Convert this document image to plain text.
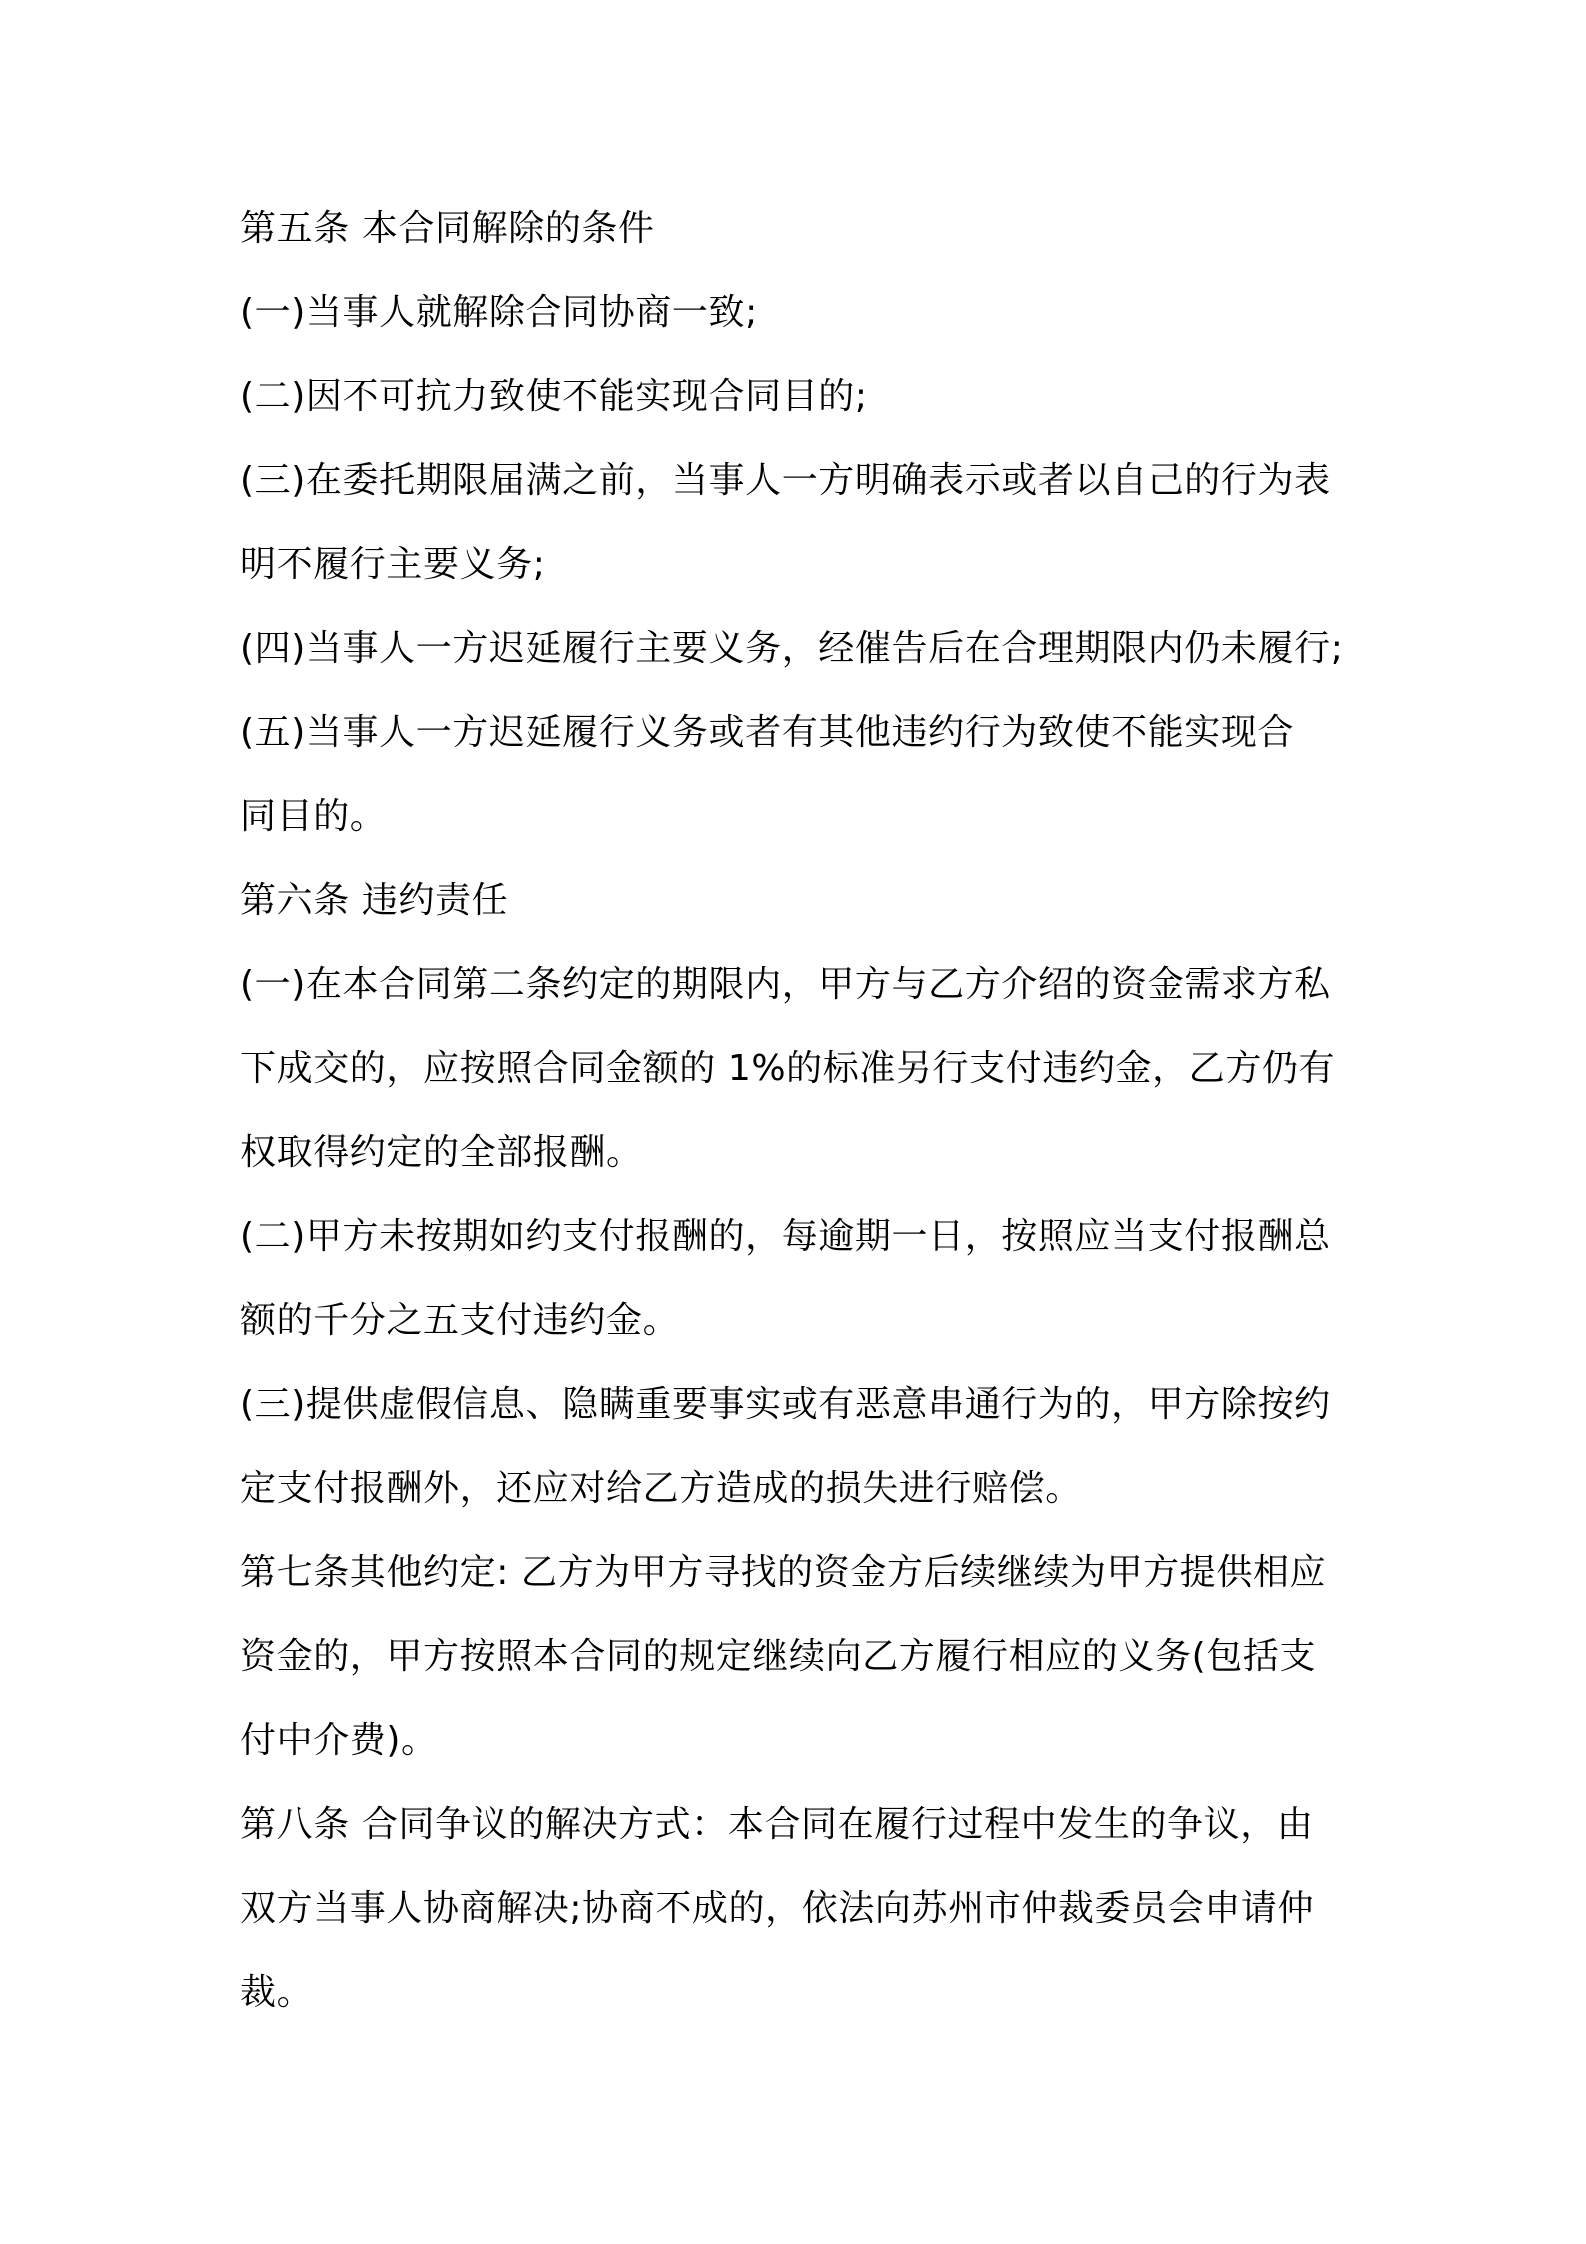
第五条 本合同解除的条件
(一)当事人就解除合同协商一致;
(二)因不可抗力致使不能实现合同目的;
(三)在委托期限届满之前，当事人一方明确表示或者以自己的行为表
明不履行主要义务;
(四)当事人一方迟延履行主要义务，经催告后在合理期限内仍未履行;
(五)当事人一方迟延履行义务或者有其他违约行为致使不能实现合
同目的。
第六条 违约责任
(一)在本合同第二条约定的期限内，甲方与乙方介绍的资金需求方私
下成交的，应按照合同金额的 1%的标准另行支付违约金，乙方仍有
权取得约定的全部报酬。
(二)甲方未按期如约支付报酬的，每逾期一日，按照应当支付报酬总
额的千分之五支付违约金。
(三)提供虚假信息、隐瞒重要事实或有恶意串通行为的，甲方除按约
定支付报酬外，还应对给乙方造成的损失进行赔偿。
第七条其他约定: 乙方为甲方寻找的资金方后续继续为甲方提供相应
资金的，甲方按照本合同的规定继续向乙方履行相应的义务(包括支
付中介费)。
第八条 合同争议的解决方式：本合同在履行过程中发生的争议，由
双方当事人协商解决;协商不成的，依法向苏州市仲裁委员会申请仲
裁。
